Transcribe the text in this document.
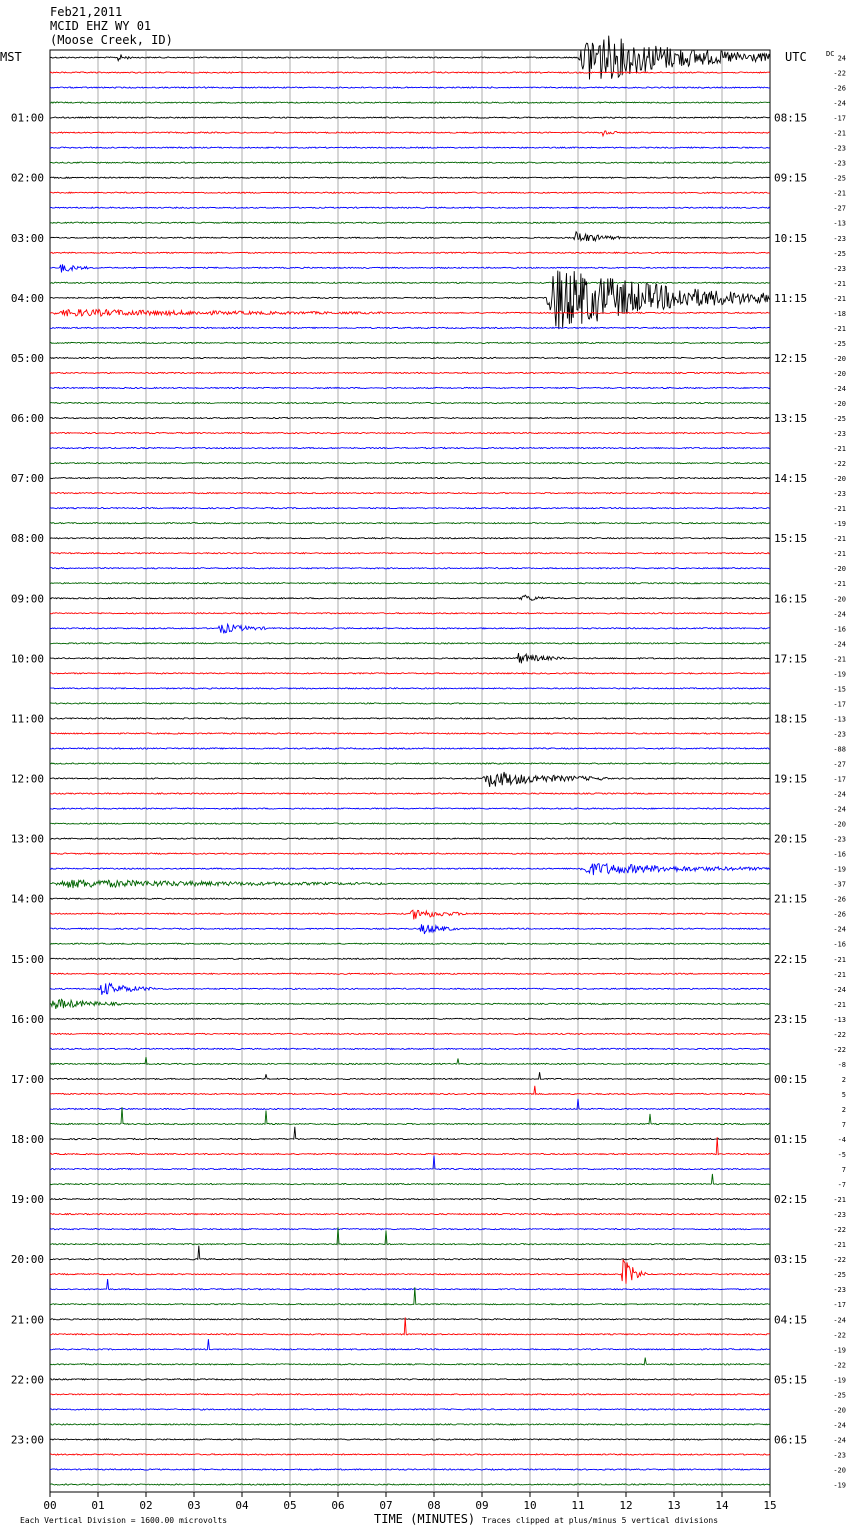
Feb21,2011
MCID EHZ WY 01
(Moose Creek, ID)
MST	UTC	DC
01:00
02:00
03:00
04:00
05:00
06:00
07:00
08:00
09:00
10:00
11:00
12:00
13:00
14:00
15:00
16:00
17:00
18:00
19:00
20:00
21:00
22:00
23:00
08:15
09:15
10:15
11:15
12:15
13:15
14:15
15:15
16:15
17:15
18:15
19:15
20:15
21:15
22:15
23:15
00:15
01:15
02:15
03:15
04:15
05:15
06:15
24
-22
-26
-24
-17
-21
-23
-23
-25
-21
-27
-13
-23
-25
-23
-21
-21
-18
-21
-25
-20
-20
-24
-20
-25
-23
-21
-22
-20
-23
-21
-19
-21
-21
-20
-21
-20
-24
-16
-24
-21
-19
-15
-17
-13
-23
-88
-27
-17
-24
-24
-20
-23
-16
-19
-37
-26
-26
-24
-16
-21
-21
-24
-21
-13
-22
-22
-8
2
5
2
7
-4
-5
7
-7
-21
-23
-22
-21
-22
-25
-23
-17
-24
-22
-19
-22
-19
-25
-20
-24
-24
-23
-20
-19
00	01	02	03	04	05	06	07	08	09	10	11	12	13	14	15
TIME (MINUTES)
Each Vertical Division = 1600.00 microvolts	Traces clipped at plus/minus 5 vertical divisions
